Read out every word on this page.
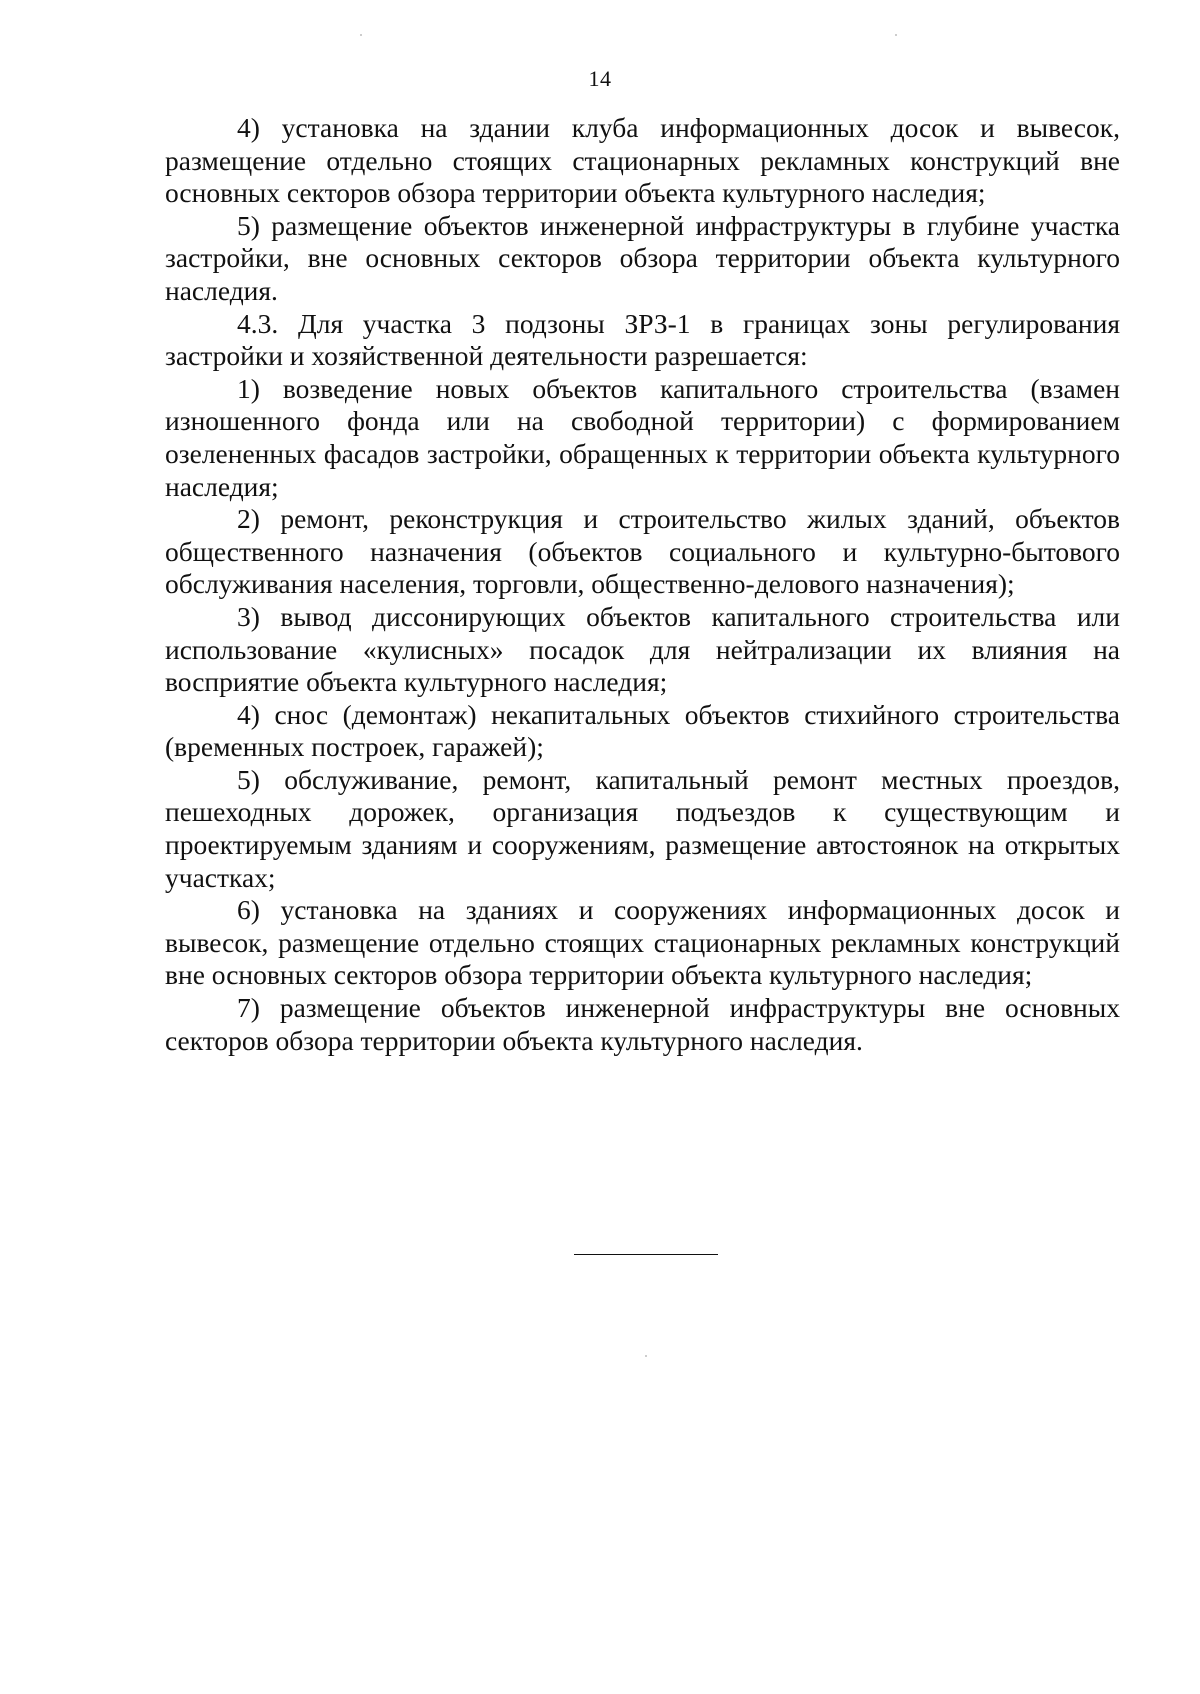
14

4) установка на здании клуба информационных досок и вывесок, размещение отдельно стоящих стационарных рекламных конструкций вне основных секторов обзора территории объекта культурного наследия;

5) размещение объектов инженерной инфраструктуры в глубине участка застройки, вне основных секторов обзора территории объекта культурного наследия.

4.3. Для участка 3 подзоны ЗРЗ-1 в границах зоны регулирования застройки и хозяйственной деятельности разрешается:

1) возведение новых объектов капитального строительства (взамен изношенного фонда или на свободной территории) с формированием озелененных фасадов застройки, обращенных к территории объекта культурного наследия;

2) ремонт, реконструкция и строительство жилых зданий, объектов общественного назначения (объектов социального и культурно-бытового обслуживания населения, торговли, общественно-делового назначения);

3) вывод диссонирующих объектов капитального строительства или использование «кулисных» посадок для нейтрализации их влияния на восприятие объекта культурного наследия;

4) снос (демонтаж) некапитальных объектов стихийного строительства (временных построек, гаражей);

5) обслуживание, ремонт, капитальный ремонт местных проездов, пешеходных дорожек, организация подъездов к существующим и проектируемым зданиям и сооружениям, размещение автостоянок на открытых участках;

6) установка на зданиях и сооружениях информационных досок и вывесок, размещение отдельно стоящих стационарных рекламных конструкций вне основных секторов обзора территории объекта культурного наследия;

7) размещение объектов инженерной инфраструктуры вне основных секторов обзора территории объекта культурного наследия.
